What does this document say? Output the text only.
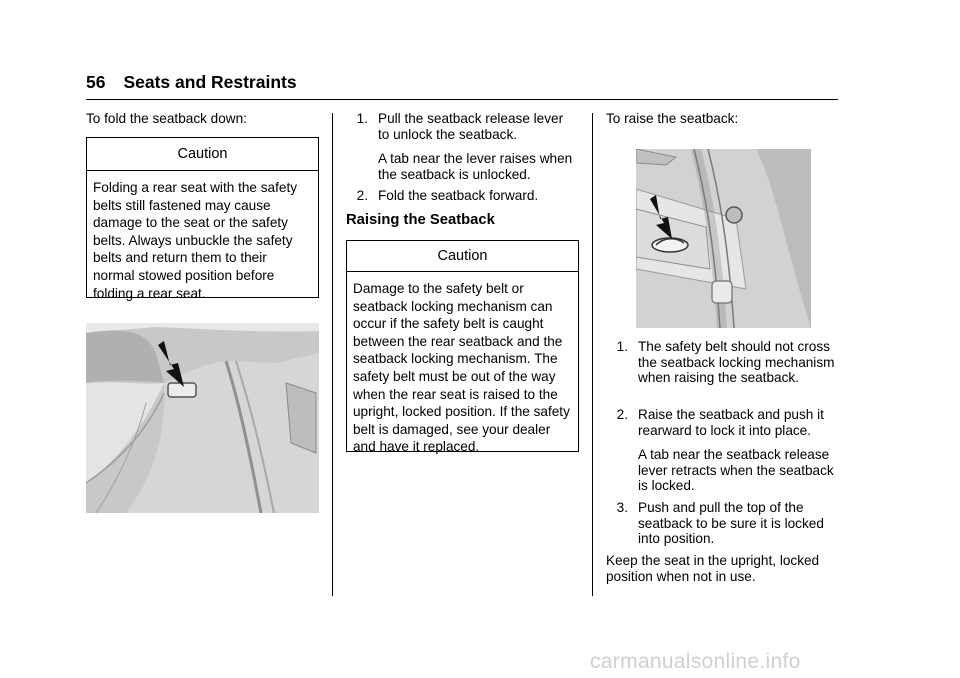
56 Seats and Restraints
To fold the seatback down:
Caution
Folding a rear seat with the safety belts still fastened may cause damage to the seat or the safety belts. Always unbuckle the safety belts and return them to their normal stowed position before folding a rear seat.
1. Pull the seatback release lever to unlock the seatback.
A tab near the lever raises when the seatback is unlocked.
2. Fold the seatback forward.
Raising the Seatback
Caution
Damage to the safety belt or seatback locking mechanism can occur if the safety belt is caught between the rear seatback and the seatback locking mechanism. The safety belt must be out of the way when the rear seat is raised to the upright, locked position. If the safety belt is damaged, see your dealer and have it replaced.
To raise the seatback:
1. The safety belt should not cross the seatback locking mechanism when raising the seatback.
2. Raise the seatback and push it rearward to lock it into place.
A tab near the seatback release lever retracts when the seatback is locked.
3. Push and pull the top of the seatback to be sure it is locked into position.
Keep the seat in the upright, locked position when not in use.
carmanualsonline.info
